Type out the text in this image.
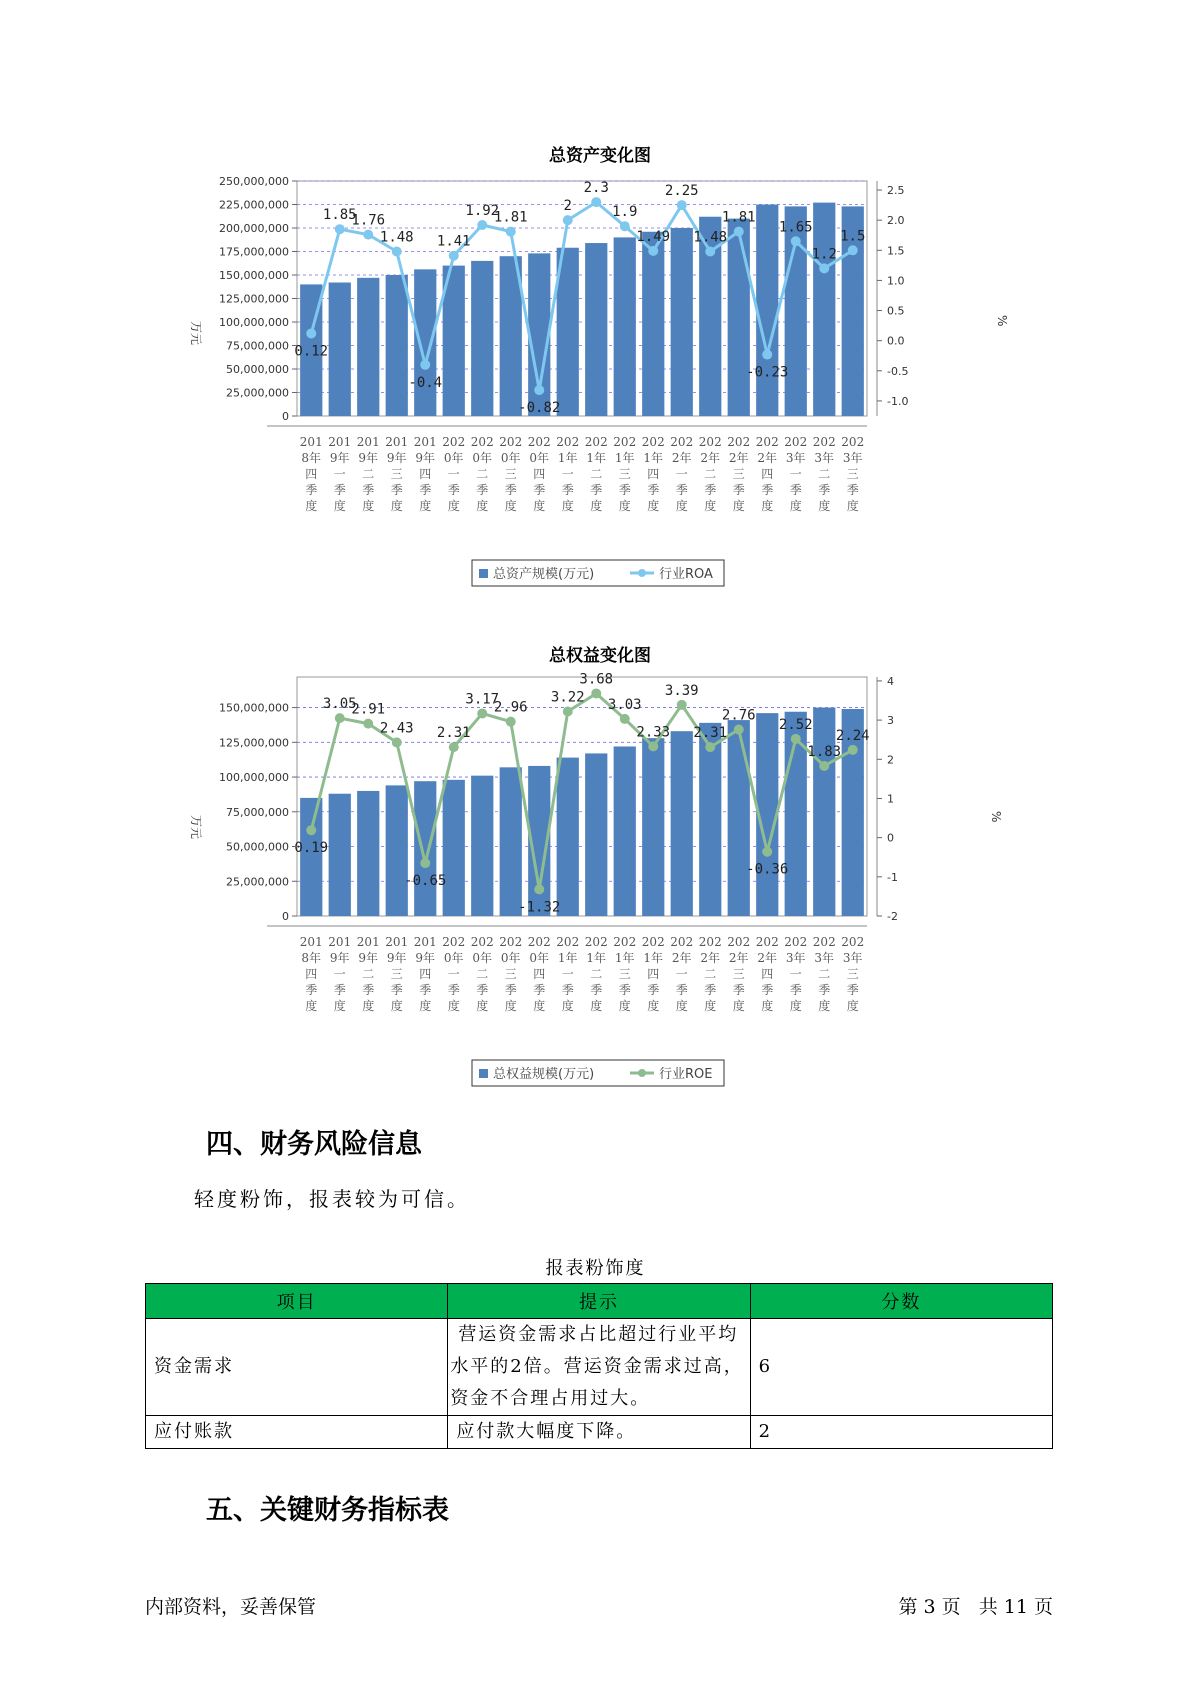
总资产变化图
0.12
1.85
1.76
1.48
-0.4
1.41
1.92
1.81
-0.82
2
2.3
1.9
1.49
2.25
1.48
1.81
-0.23
1.65
1.2
1.5
250,000,000
225,000,000
200,000,000
175,000,000
150,000,000
125,000,000
100,000,000
75,000,000
50,000,000
25,000,000
0
2.5
2.0
1.5
1.0
0.5
0.0
-0.5
-1.0
201 8年四季度
201 9年一季度
201 9年二季度
201 9年三季度
201 9年四季度
202 0年一季度
202 0年二季度
202 0年三季度
202 0年四季度
202 1年一季度
202 1年二季度
202 1年三季度
202 1年四季度
202 2年一季度
202 2年二季度
202 2年三季度
202 2年四季度
202 3年一季度
202 3年二季度
202 3年三季度
万元
%
总资产规模(万元)	行业ROA
总权益变化图
0.19
3.05
2.91
2.43
-0.65
2.31
3.17
2.96
-1.32
3.22
3.68
3.03
2.33
3.39
2.31
2.76
-0.36
2.52
1.83
2.24
150,000,000
125,000,000
100,000,000
75,000,000
50,000,000
25,000,000
0
4
3
2
1
0
-1
-2
201 8年四季度
201 9年一季度
201 9年二季度
201 9年三季度
201 9年四季度
202 0年一季度
202 0年二季度
202 0年三季度
202 0年四季度
202 1年一季度
202 1年二季度
202 1年三季度
202 1年四季度
202 2年一季度
202 2年二季度
202 2年三季度
202 2年四季度
202 3年一季度
202 3年二季度
202 3年三季度
万元	%
总权益规模(万元)	行业ROE
四、财务风险信息

轻度粉饰，报表较为可信。

报表粉饰度
项目	提示	分数
资金需求	营运资金需求占比超过行业平均
水平的2倍。营运资金需求过高，
资金不合理占用过大。	6
应付账款	应付款大幅度下降。	2
五、关键财务指标表
内部资料，妥善保管	第 3 页   共 11 页
